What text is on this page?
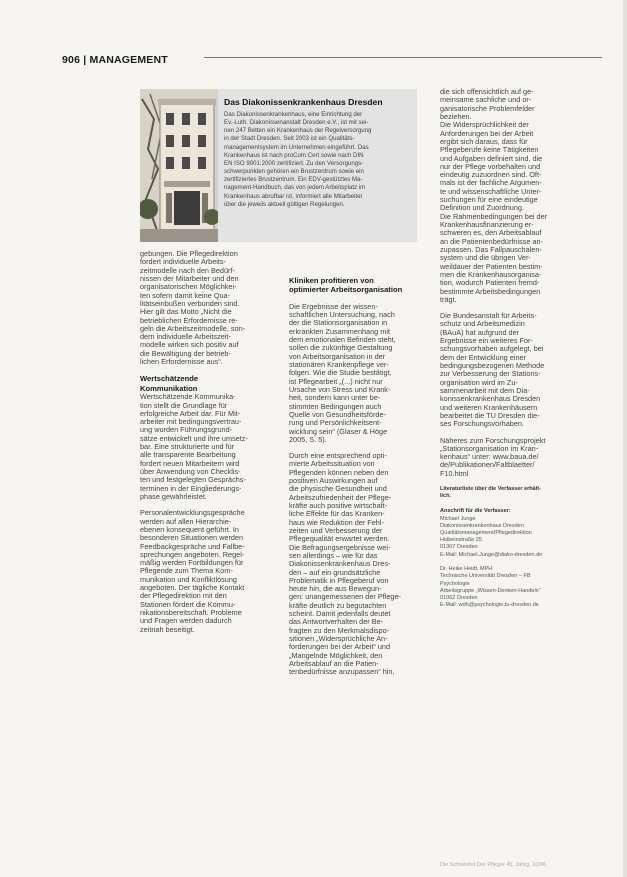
906 | MANAGEMENT
Das Diakonissenkrankenhaus Dresden
Das Diakonissenkrankenhaus, eine Einrichtung der
Ev.-Luth. Diakonissenanstalt Dresden e.V., ist mit sei-
nen 247 Betten ein Krankenhaus der Regelversorgung
in der Stadt Dresden. Seit 2003 ist ein Qualitäts-
managementsystem im Unternehmen eingeführt. Das
Krankenhaus ist nach proCum Cert sowie nach DIN
EN ISO 9001:2000 zertifiziert. Zu den Versorgungs-
schwerpunkten gehören ein Brustzentrum sowie ein
zertifiziertes Brustzentrum. Ein EDV-gestütztes Ma-
nagement-Handbuch, das von jedem Arbeitsplatz im
Krankenhaus abrufbar ist, informiert alle Mitarbeiter
über die jeweils aktuell gültigen Regelungen.
gebungen. Die Pflegedirektion
fordert individuelle Arbeits-
zeitmodelle nach den Bedürf-
nissen der Mitarbeiter und den
organisatorischen Möglichkei-
ten sofern damit keine Qua-
litätseinbußen verbunden sind.
Hier gilt das Motto „Nicht die
betrieblichen Erfordernisse re-
geln die Arbeitszeitmodelle, son-
dern individuelle Arbeitszeit-
modelle wirken sich positiv auf
die Bewältigung der betrieb-
lichen Erfordernisse aus“.
Wertschätzende
Kommunikation
Wertschätzende Kommunika-
tion stellt die Grundlage für
erfolgreiche Arbeit dar. Für Mit-
arbeiter mit bedingungsvertrau-
ung wurden Führungsgrund-
sätze entwickelt und ihre umsetz-
bar. Eine strukturierte und für
alle transparente Bearbeitung
fordert neuen Mitarbeitern wird
über Anwendung von Checklis-
ten und festgelegten Gesprächs-
terminen in der Eingliederungs-
phase gewährleistet.
Personalentwicklungsgespräche
werden auf allen Hierarchie-
ebenen konsequent geführt. In
besonderen Situationen werden
Feedbackgespräche und Fallbe-
sprechungen angeboten. Regel-
mäßig werden Fortbildungen für
Pflegende zum Thema Kom-
munikation und Konfliktlösung
angeboten. Der tägliche Kontakt
der Pflegedirektion mit den
Stationen fördert die Kommu-
nikationsbereitschaft. Probleme
und Fragen werden dadurch
zeitnah beseitigt.
Kliniken profitieren von
optimierter Arbeitsorganisation
Die Ergebnisse der wissen-
schaftlichen Untersuchung, nach
der die Stationsorganisation in
erkrankten Zusammenhang mit
dem emotionalen Befinden steht,
sollen die zukünftige Gestaltung
von Arbeitsorganisation in der
stationären Krankenpflege ver-
folgen. Wie die Studie bestätigt,
ist Pflegearbeit „(...) nicht nur
Ursache von Stress und Krank-
heit, sondern kann unter be-
stimmten Bedingungen auch
Quelle von Gesundheitsförde-
rung und Persönlichkeitsent-
wicklung sein“ (Glaser & Höge
2005, S. 5).
Durch eine entsprechend opti-
mierte Arbeitssituation von
Pflegenden können neben den
positiven Auswirkungen auf
die physische Gesundheit und
Arbeitszufriedenheit der Pflege-
kräfte auch positive wirtschaft-
liche Effekte für das Kranken-
haus wie Reduktion der Fehl-
zeiten und Verbesserung der
Pflegequalität erwartet werden.
Die Befragungsergebnisse wei-
sen allerdings – wie für das
Diakonissenkrankenhaus Dres-
den – auf ein grundsätzliche
Problematik in Pflegeberuf von
heute hin, die aus Bewegun-
gen: unangemessenen der Pflege-
kräfte deutlich zu begutachten
scheint. Damit jedenfalls deutet
das Antwortverhalten der Be-
fragten zu den Merkmalsdispo-
sitionen „Widersprüchliche An-
forderungen bei der Arbeit“ und
„Mangelnde Möglichkeit, den
Arbeitsablauf an die Patien-
tenbedürfnisse anzupassen“ hin,
die sich offensichtlich auf ge-
meinsame sachliche und or-
ganisatorische Problemfelder
beziehen.
Die Widersprüchlichkeit der
Anforderungen bei der Arbeit
ergibt sich daraus, dass für
Pflegeberufe keine Tätigkeiten
und Aufgaben definiert sind, die
nur der Pflege vorbehalten und
eindeutig zuzuordnen sind. Oft-
mals ist der fachliche Argumen-
te und wissenschaftliche Unter-
suchungen für eine eindeutige
Definition und Zuordnung.
Die Rahmenbedingungen bei der
Krankenhausfinanzierung er-
schweren es, den Arbeitsablauf
an die Patientenbedürfnisse an-
zupassen. Das Fallpauschalen-
system und die übrigen Ver-
weildauer der Patienten bestim-
men die Krankenhausorganisa-
tion, wodurch Patienten fremd-
bestimmte Arbeitsbedingungen
trägt.
Die Bundesanstalt für Arbeits-
schutz und Arbeitsmedizin
(BAuA) hat aufgrund der
Ergebnisse ein weiteres For-
schungsvorhaben aufgelegt, bei
dem der Entwicklung einer
bedingungsbezogenen Methode
zur Verbesserung der Stations-
organisation wird im Zu-
sammenarbeit mit dem Dia-
konissenkrankenhaus Dresden
und weiteren Krankenhäusern
bearbeitet die TU Dresden die-
ses Forschungsvorhaben.
Näheres zum Forschungsprojekt
„Stationsorganisation im Kran-
kenhaus“ unter: www.baua.de/
de/Publikationen/Faltblaetter/
F10.html
Literaturliste über die Verfasser erhält-
lich.
Anschrift für die Verfasser:
Michael Junge
Diakonissenkrankenhaus Dresden
Qualitätsmanagement/Pflegedirektion
Holbeinstraße 25
01307 Dresden
E-Mail: Michael.Junge@diako-dresden.de

Dr. Heike Heidt, MPH
Technische Universität Dresden – FB
Psychologie
Arbeitsgruppe „Wissen-Denken-Handeln“
01062 Dresden
E-Mail: wdh@psychologie.tu-dresden.de
Die Schwester Der Pfleger 45. Jahrg. 10/06
